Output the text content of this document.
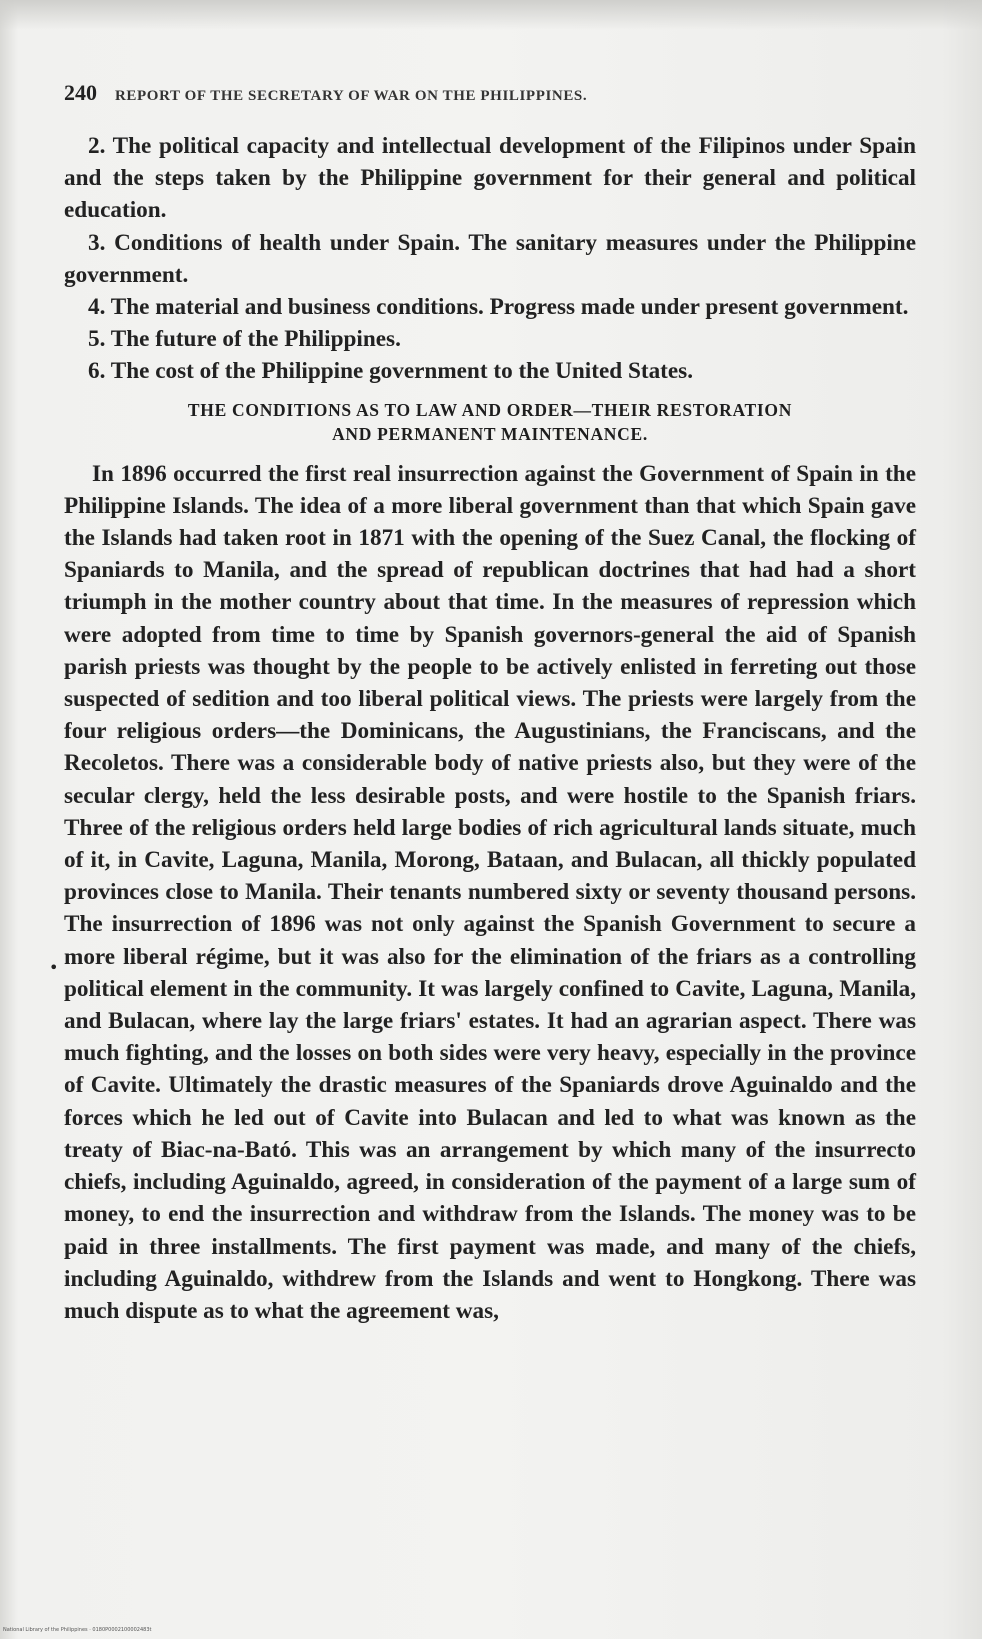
240 REPORT OF THE SECRETARY OF WAR ON THE PHILIPPINES.

2. The political capacity and intellectual development of the Filipinos under Spain and the steps taken by the Philippine government for their general and political education.

3. Conditions of health under Spain. The sanitary measures under the Philippine government.

4. The material and business conditions. Progress made under present government.

5. The future of the Philippines.

6. The cost of the Philippine government to the United States.

THE CONDITIONS AS TO LAW AND ORDER—THEIR RESTORATION
AND PERMANENT MAINTENANCE.

In 1896 occurred the first real insurrection against the Government of Spain in the Philippine Islands. The idea of a more liberal government than that which Spain gave the Islands had taken root in 1871 with the opening of the Suez Canal, the flocking of Spaniards to Manila, and the spread of republican doctrines that had had a short triumph in the mother country about that time. In the measures of repression which were adopted from time to time by Spanish governors-general the aid of Spanish parish priests was thought by the people to be actively enlisted in ferreting out those suspected of sedition and too liberal political views. The priests were largely from the four religious orders—the Dominicans, the Augustinians, the Franciscans, and the Recoletos. There was a considerable body of native priests also, but they were of the secular clergy, held the less desirable posts, and were hostile to the Spanish friars. Three of the religious orders held large bodies of rich agricultural lands situate, much of it, in Cavite, Laguna, Manila, Morong, Bataan, and Bulacan, all thickly populated provinces close to Manila. Their tenants numbered sixty or seventy thousand persons. The insurrection of 1896 was not only against the Spanish Government to secure a more liberal régime, but it was also for the elimination of the friars as a controlling political element in the community. It was largely confined to Cavite, Laguna, Manila, and Bulacan, where lay the large friars' estates. It had an agrarian aspect. There was much fighting, and the losses on both sides were very heavy, especially in the province of Cavite. Ultimately the drastic measures of the Spaniards drove Aguinaldo and the forces which he led out of Cavite into Bulacan and led to what was known as the treaty of Biac-na-Bató. This was an arrangement by which many of the insurrecto chiefs, including Aguinaldo, agreed, in consideration of the payment of a large sum of money, to end the insurrection and withdraw from the Islands. The money was to be paid in three installments. The first payment was made, and many of the chiefs, including Aguinaldo, withdrew from the Islands and went to Hongkong. There was much dispute as to what the agreement was,

•
National Library of the Philippines · 0180P0002100002483t
